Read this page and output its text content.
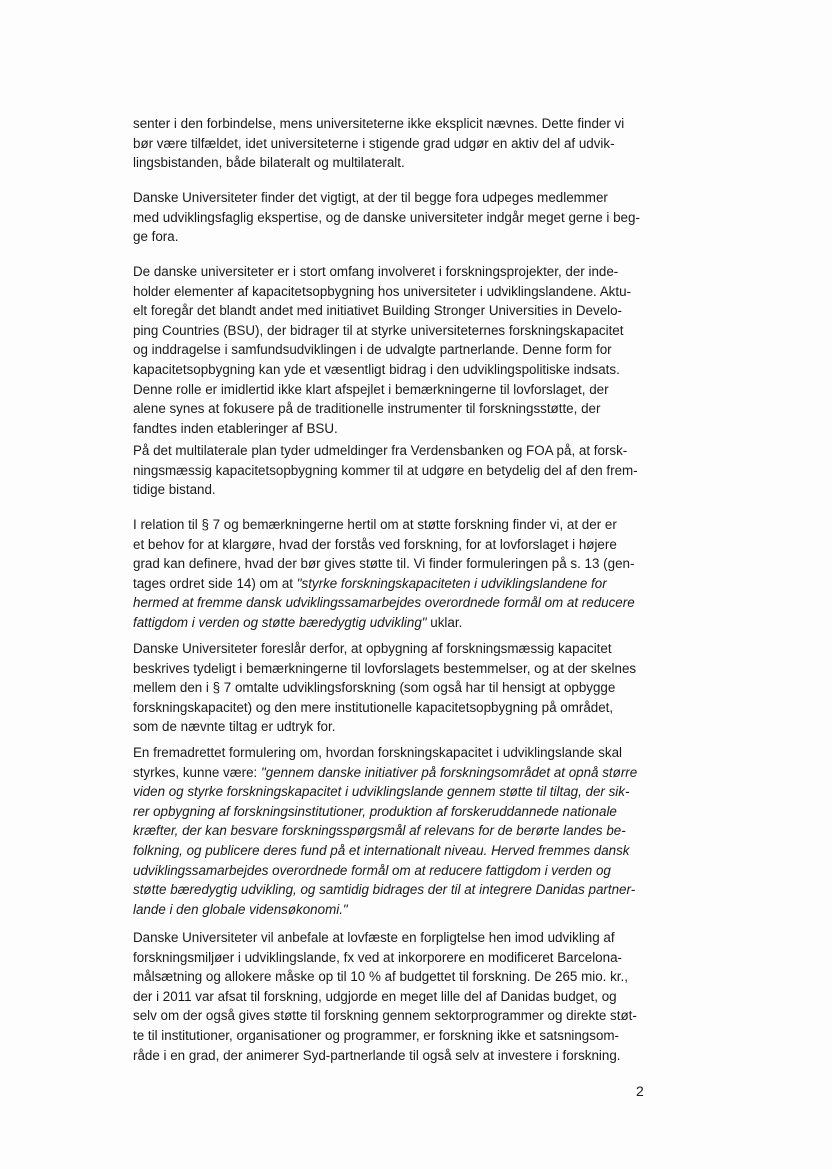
senter i den forbindelse, mens universiteterne ikke eksplicit nævnes. Dette finder vi
bør være tilfældet, idet universiteterne i stigende grad udgør en aktiv del af udvik-
lingsbistanden, både bilateralt og multilateralt.

Danske Universiteter finder det vigtigt, at der til begge fora udpeges medlemmer
med udviklingsfaglig ekspertise, og de danske universiteter indgår meget gerne i beg-
ge fora.

De danske universiteter er i stort omfang involveret i forskningsprojekter, der inde-
holder elementer af kapacitetsopbygning hos universiteter i udviklingslandene. Aktu-
elt foregår det blandt andet med initiativet Building Stronger Universities in Develo-
ping Countries (BSU), der bidrager til at styrke universiteternes forskningskapacitet
og inddragelse i samfundsudviklingen i de udvalgte partnerlande. Denne form for
kapacitetsopbygning kan yde et væsentligt bidrag i den udviklingspolitiske indsats.
Denne rolle er imidlertid ikke klart afspejlet i bemærkningerne til lovforslaget, der
alene synes at fokusere på de traditionelle instrumenter til forskningsstøtte, der
fandtes inden etableringer af BSU.

På det multilaterale plan tyder udmeldinger fra Verdensbanken og FOA på, at forsk-
ningsmæssig kapacitetsopbygning kommer til at udgøre en betydelig del af den frem-
tidige bistand.

I relation til § 7 og bemærkningerne hertil om at støtte forskning finder vi, at der er
et behov for at klargøre, hvad der forstås ved forskning, for at lovforslaget i højere
grad kan definere, hvad der bør gives støtte til. Vi finder formuleringen på s. 13 (gen-
tages ordret side 14) om at "styrke forskningskapaciteten i udviklingslandene for
hermed at fremme dansk udviklingssamarbejdes overordnede formål om at reducere
fattigdom i verden og støtte bæredygtig udvikling" uklar.

Danske Universiteter foreslår derfor, at opbygning af forskningsmæssig kapacitet
beskrives tydeligt i bemærkningerne til lovforslagets bestemmelser, og at der skelnes
mellem den i § 7 omtalte udviklingsforskning (som også har til hensigt at opbygge
forskningskapacitet) og den mere institutionelle kapacitetsopbygning på området,
som de nævnte tiltag er udtryk for.

En fremadrettet formulering om, hvordan forskningskapacitet i udviklingslande skal
styrkes, kunne være: "gennem danske initiativer på forskningsområdet at opnå større
viden og styrke forskningskapacitet i udviklingslande gennem støtte til tiltag, der sik-
rer opbygning af forskningsinstitutioner, produktion af forskeruddannede nationale
kræfter, der kan besvare forskningsspørgsmål af relevans for de berørte landes be-
folkning, og publicere deres fund på et internationalt niveau. Herved fremmes dansk
udviklingssamarbejdes overordnede formål om at reducere fattigdom i verden og
støtte bæredygtig udvikling, og samtidig bidrages der til at integrere Danidas partner-
lande i den globale vidensøkonomi."

Danske Universiteter vil anbefale at lovfæste en forpligtelse hen imod udvikling af
forskningsmiljøer i udviklingslande, fx ved at inkorporere en modificeret Barcelona-
målsætning og allokere måske op til 10 % af budgettet til forskning. De 265 mio. kr.,
der i 2011 var afsat til forskning, udgjorde en meget lille del af Danidas budget, og
selv om der også gives støtte til forskning gennem sektorprogrammer og direkte støt-
te til institutioner, organisationer og programmer, er forskning ikke et satsningsom-
råde i en grad, der animerer Syd-partnerlande til også selv at investere i forskning.

2
